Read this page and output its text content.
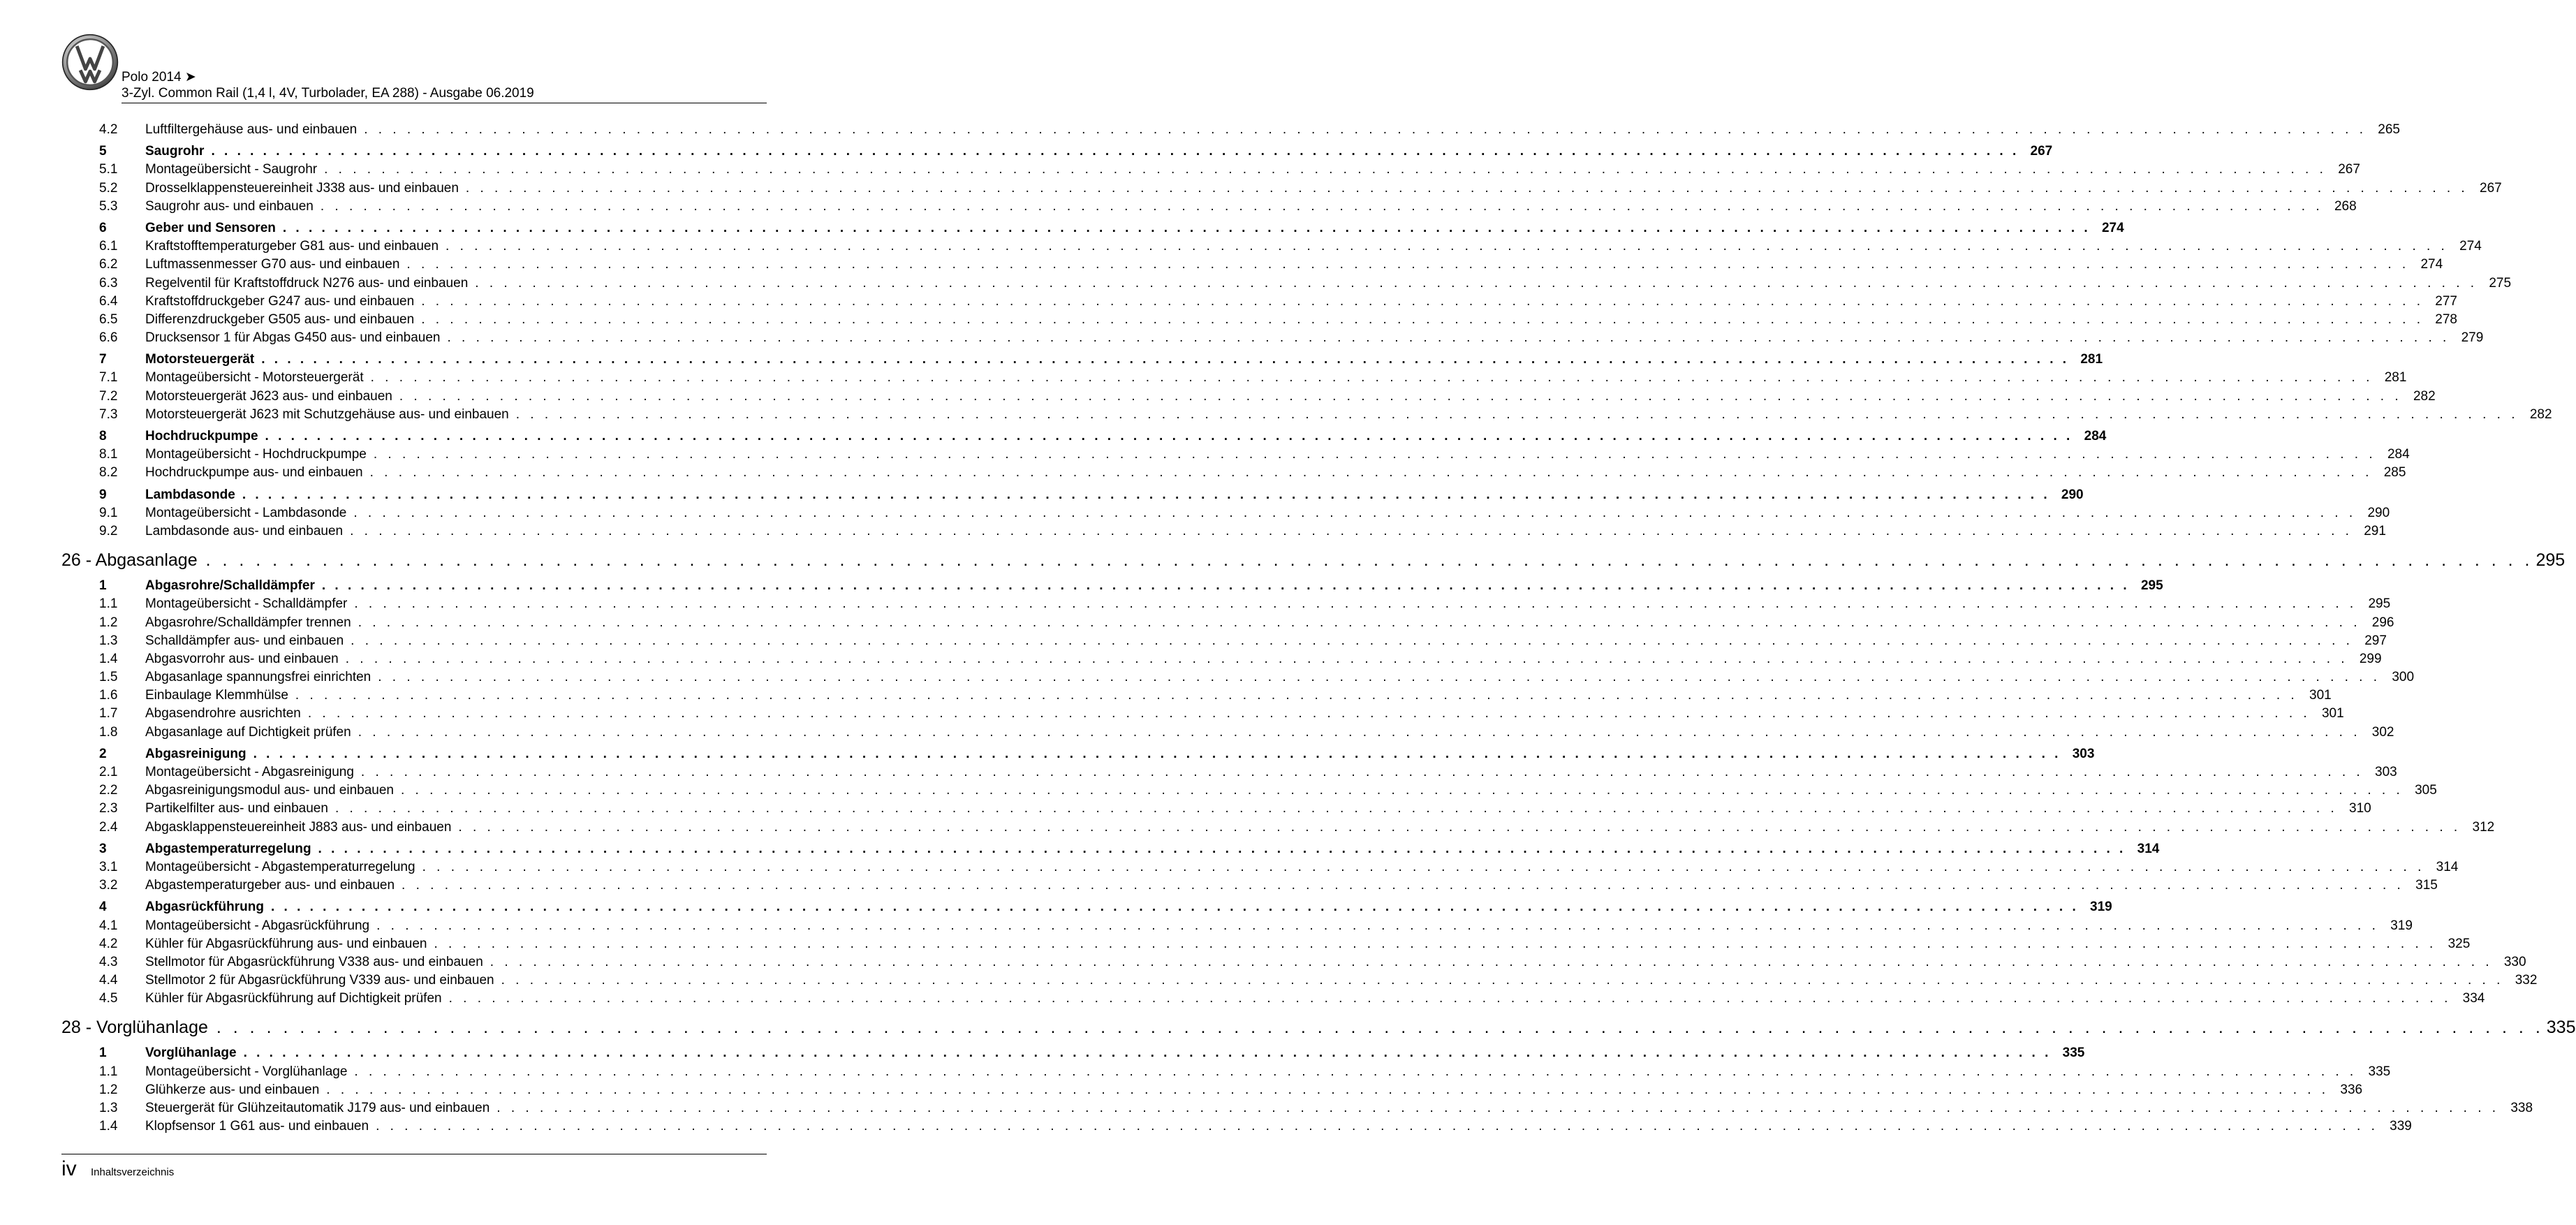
Polo 2014 ➤
3-Zyl. Common Rail (1,4 l, 4V, Turbolader, EA 288) - Ausgabe 06.2019
4.2 Luftfiltergehäuse aus- und einbauen . . . . . . . . . . . . . . . . . . . . . . . . . . . . . . . . . . . . . . . . . . . . . . . . . . . . . . . . . . . . . . . . . . . . . . . . . . . . . . . . . . . . . . . . . . . . . . . . . . . . . . . . . . . . . . . . . . . . . . . . . . . . . . . . . . . . . . . . . . . . 265
5	Saugrohr . . . . . . . . . . . . . . . . . . . . . . . . . . . . . . . . . . . . . . . . . . . . . . . . . . . . . . . . . . . . . . . . . . . . . . . . . . . . . . . . . . . . . . . . . . . . . . . . . . . . . . . . . . . . . . . . . . . . . . . . . . . . . . . . . . . . . . . . . . . . 267
5.1 Montageübersicht - Saugrohr . . . . . . . . . . . . . . . . . . . . . . . . . . . . . . . . . . . . . . . . . . . . . . . . . . . . . . . . . . . . . . . . . . . . . . . . . . . . . . . . . . . . . . . . . . . . . . . . . . . . . . . . . . . . . . . . . . . . . . . . . . . . . . . . . . . . . . . . . . . . 267
5.2 Drosselklappensteuereinheit J338 aus- und einbauen . . . . . . . . . . . . . . . . . . . . . . . . . . . . . . . . . . . . . . . . . . . . . . . . . . . . . . . . . . . . . . . . . . . . . . . . . . . . . . . . . . . . . . . . . . . . . . . . . . . . . . . . . . . . . . . . . . . . . . . . . . . . . . . . . . . . . . . . . . . . 267
5.3 Saugrohr aus- und einbauen . . . . . . . . . . . . . . . . . . . . . . . . . . . . . . . . . . . . . . . . . . . . . . . . . . . . . . . . . . . . . . . . . . . . . . . . . . . . . . . . . . . . . . . . . . . . . . . . . . . . . . . . . . . . . . . . . . . . . . . . . . . . . . . . . . . . . . . . . . . . 268
6	Geber und Sensoren . . . . . . . . . . . . . . . . . . . . . . . . . . . . . . . . . . . . . . . . . . . . . . . . . . . . . . . . . . . . . . . . . . . . . . . . . . . . . . . . . . . . . . . . . . . . . . . . . . . . . . . . . . . . . . . . . . . . . . . . . . . . . . . . . . . . . . . . . . . . 274
6.1 Kraftstofftemperaturgeber G81 aus- und einbauen . . . . . . . . . . . . . . . . . . . . . . . . . . . . . . . . . . . . . . . . . . . . . . . . . . . . . . . . . . . . . . . . . . . . . . . . . . . . . . . . . . . . . . . . . . . . . . . . . . . . . . . . . . . . . . . . . . . . . . . . . . . . . . . . . . . . . . . . . . . . 274
6.2 Luftmassenmesser G70 aus- und einbauen . . . . . . . . . . . . . . . . . . . . . . . . . . . . . . . . . . . . . . . . . . . . . . . . . . . . . . . . . . . . . . . . . . . . . . . . . . . . . . . . . . . . . . . . . . . . . . . . . . . . . . . . . . . . . . . . . . . . . . . . . . . . . . . . . . . . . . . . . . . . 274
6.3 Regelventil für Kraftstoffdruck N276 aus- und einbauen . . . . . . . . . . . . . . . . . . . . . . . . . . . . . . . . . . . . . . . . . . . . . . . . . . . . . . . . . . . . . . . . . . . . . . . . . . . . . . . . . . . . . . . . . . . . . . . . . . . . . . . . . . . . . . . . . . . . . . . . . . . . . . . . . . . . . . . . . . . . 275
6.4 Kraftstoffdruckgeber G247 aus- und einbauen . . . . . . . . . . . . . . . . . . . . . . . . . . . . . . . . . . . . . . . . . . . . . . . . . . . . . . . . . . . . . . . . . . . . . . . . . . . . . . . . . . . . . . . . . . . . . . . . . . . . . . . . . . . . . . . . . . . . . . . . . . . . . . . . . . . . . . . . . . . . 277
6.5 Differenzdruckgeber G505 aus- und einbauen . . . . . . . . . . . . . . . . . . . . . . . . . . . . . . . . . . . . . . . . . . . . . . . . . . . . . . . . . . . . . . . . . . . . . . . . . . . . . . . . . . . . . . . . . . . . . . . . . . . . . . . . . . . . . . . . . . . . . . . . . . . . . . . . . . . . . . . . . . . . 278
6.6 Drucksensor 1 für Abgas G450 aus- und einbauen . . . . . . . . . . . . . . . . . . . . . . . . . . . . . . . . . . . . . . . . . . . . . . . . . . . . . . . . . . . . . . . . . . . . . . . . . . . . . . . . . . . . . . . . . . . . . . . . . . . . . . . . . . . . . . . . . . . . . . . . . . . . . . . . . . . . . . . . . . . . 279
7	Motorsteuergerät . . . . . . . . . . . . . . . . . . . . . . . . . . . . . . . . . . . . . . . . . . . . . . . . . . . . . . . . . . . . . . . . . . . . . . . . . . . . . . . . . . . . . . . . . . . . . . . . . . . . . . . . . . . . . . . . . . . . . . . . . . . . . . . . . . . . . . . . . . . . 281
7.1 Montageübersicht - Motorsteuergerät . . . . . . . . . . . . . . . . . . . . . . . . . . . . . . . . . . . . . . . . . . . . . . . . . . . . . . . . . . . . . . . . . . . . . . . . . . . . . . . . . . . . . . . . . . . . . . . . . . . . . . . . . . . . . . . . . . . . . . . . . . . . . . . . . . . . . . . . . . . . 281
7.2 Motorsteuergerät J623 aus- und einbauen . . . . . . . . . . . . . . . . . . . . . . . . . . . . . . . . . . . . . . . . . . . . . . . . . . . . . . . . . . . . . . . . . . . . . . . . . . . . . . . . . . . . . . . . . . . . . . . . . . . . . . . . . . . . . . . . . . . . . . . . . . . . . . . . . . . . . . . . . . . . 282
7.3 Motorsteuergerät J623 mit Schutzgehäuse aus- und einbauen . . . . . . . . . . . . . . . . . . . . . . . . . . . . . . . . . . . . . . . . . . . . . . . . . . . . . . . . . . . . . . . . . . . . . . . . . . . . . . . . . . . . . . . . . . . . . . . . . . . . . . . . . . . . . . . . . . . . . . . . . . . . . . . . . . . . . . . . . . . . 282
8	Hochdruckpumpe . . . . . . . . . . . . . . . . . . . . . . . . . . . . . . . . . . . . . . . . . . . . . . . . . . . . . . . . . . . . . . . . . . . . . . . . . . . . . . . . . . . . . . . . . . . . . . . . . . . . . . . . . . . . . . . . . . . . . . . . . . . . . . . . . . . . . . . . . . . . 284
8.1 Montageübersicht - Hochdruckpumpe . . . . . . . . . . . . . . . . . . . . . . . . . . . . . . . . . . . . . . . . . . . . . . . . . . . . . . . . . . . . . . . . . . . . . . . . . . . . . . . . . . . . . . . . . . . . . . . . . . . . . . . . . . . . . . . . . . . . . . . . . . . . . . . . . . . . . . . . . . . . 284
8.2 Hochdruckpumpe aus- und einbauen . . . . . . . . . . . . . . . . . . . . . . . . . . . . . . . . . . . . . . . . . . . . . . . . . . . . . . . . . . . . . . . . . . . . . . . . . . . . . . . . . . . . . . . . . . . . . . . . . . . . . . . . . . . . . . . . . . . . . . . . . . . . . . . . . . . . . . . . . . . . 285
9	Lambdasonde . . . . . . . . . . . . . . . . . . . . . . . . . . . . . . . . . . . . . . . . . . . . . . . . . . . . . . . . . . . . . . . . . . . . . . . . . . . . . . . . . . . . . . . . . . . . . . . . . . . . . . . . . . . . . . . . . . . . . . . . . . . . . . . . . . . . . . . . . . . . 290
9.1 Montageübersicht - Lambdasonde . . . . . . . . . . . . . . . . . . . . . . . . . . . . . . . . . . . . . . . . . . . . . . . . . . . . . . . . . . . . . . . . . . . . . . . . . . . . . . . . . . . . . . . . . . . . . . . . . . . . . . . . . . . . . . . . . . . . . . . . . . . . . . . . . . . . . . . . . . . . 290
9.2 Lambdasonde aus- und einbauen . . . . . . . . . . . . . . . . . . . . . . . . . . . . . . . . . . . . . . . . . . . . . . . . . . . . . . . . . . . . . . . . . . . . . . . . . . . . . . . . . . . . . . . . . . . . . . . . . . . . . . . . . . . . . . . . . . . . . . . . . . . . . . . . . . . . . . . . . . . . 291
26 - Abgasanlage . . . . . . . . . . . . . . . . . . . . . . . . . . . . . . . . . . . . . . . . . . . . . . . . . . . . . . . . . . . . . . . . . . . . . . . . . . . . . . . . . . . . . . . . . . . . . . . . . . . . . . . . . . . . . . . . . . . . . . . . . . . . . . . . . . . . . . . . . . . . 295
1	Abgasrohre/Schalldämpfer . . . . . . . . . . . . . . . . . . . . . . . . . . . . . . . . . . . . . . . . . . . . . . . . . . . . . . . . . . . . . . . . . . . . . . . . . . . . . . . . . . . . . . . . . . . . . . . . . . . . . . . . . . . . . . . . . . . . . . . . . . . . . . . . . . . . . . . . . . . . 295
1.1 Montageübersicht - Schalldämpfer . . . . . . . . . . . . . . . . . . . . . . . . . . . . . . . . . . . . . . . . . . . . . . . . . . . . . . . . . . . . . . . . . . . . . . . . . . . . . . . . . . . . . . . . . . . . . . . . . . . . . . . . . . . . . . . . . . . . . . . . . . . . . . . . . . . . . . . . . . . . 295
1.2 Abgasrohre/Schalldämpfer trennen . . . . . . . . . . . . . . . . . . . . . . . . . . . . . . . . . . . . . . . . . . . . . . . . . . . . . . . . . . . . . . . . . . . . . . . . . . . . . . . . . . . . . . . . . . . . . . . . . . . . . . . . . . . . . . . . . . . . . . . . . . . . . . . . . . . . . . . . . . . . 296
1.3 Schalldämpfer aus- und einbauen . . . . . . . . . . . . . . . . . . . . . . . . . . . . . . . . . . . . . . . . . . . . . . . . . . . . . . . . . . . . . . . . . . . . . . . . . . . . . . . . . . . . . . . . . . . . . . . . . . . . . . . . . . . . . . . . . . . . . . . . . . . . . . . . . . . . . . . . . . . . 297
1.4 Abgasvorrohr aus- und einbauen . . . . . . . . . . . . . . . . . . . . . . . . . . . . . . . . . . . . . . . . . . . . . . . . . . . . . . . . . . . . . . . . . . . . . . . . . . . . . . . . . . . . . . . . . . . . . . . . . . . . . . . . . . . . . . . . . . . . . . . . . . . . . . . . . . . . . . . . . . . . 299
1.5 Abgasanlage spannungsfrei einrichten . . . . . . . . . . . . . . . . . . . . . . . . . . . . . . . . . . . . . . . . . . . . . . . . . . . . . . . . . . . . . . . . . . . . . . . . . . . . . . . . . . . . . . . . . . . . . . . . . . . . . . . . . . . . . . . . . . . . . . . . . . . . . . . . . . . . . . . . . . . . 300
1.6 Einbaulage Klemmhülse . . . . . . . . . . . . . . . . . . . . . . . . . . . . . . . . . . . . . . . . . . . . . . . . . . . . . . . . . . . . . . . . . . . . . . . . . . . . . . . . . . . . . . . . . . . . . . . . . . . . . . . . . . . . . . . . . . . . . . . . . . . . . . . . . . . . . . . . . . . . 301
1.7 Abgasendrohre ausrichten . . . . . . . . . . . . . . . . . . . . . . . . . . . . . . . . . . . . . . . . . . . . . . . . . . . . . . . . . . . . . . . . . . . . . . . . . . . . . . . . . . . . . . . . . . . . . . . . . . . . . . . . . . . . . . . . . . . . . . . . . . . . . . . . . . . . . . . . . . . . 301
1.8 Abgasanlage auf Dichtigkeit prüfen . . . . . . . . . . . . . . . . . . . . . . . . . . . . . . . . . . . . . . . . . . . . . . . . . . . . . . . . . . . . . . . . . . . . . . . . . . . . . . . . . . . . . . . . . . . . . . . . . . . . . . . . . . . . . . . . . . . . . . . . . . . . . . . . . . . . . . . . . . . . 302
2	Abgasreinigung . . . . . . . . . . . . . . . . . . . . . . . . . . . . . . . . . . . . . . . . . . . . . . . . . . . . . . . . . . . . . . . . . . . . . . . . . . . . . . . . . . . . . . . . . . . . . . . . . . . . . . . . . . . . . . . . . . . . . . . . . . . . . . . . . . . . . . . . . . . . 303
2.1 Montageübersicht - Abgasreinigung . . . . . . . . . . . . . . . . . . . . . . . . . . . . . . . . . . . . . . . . . . . . . . . . . . . . . . . . . . . . . . . . . . . . . . . . . . . . . . . . . . . . . . . . . . . . . . . . . . . . . . . . . . . . . . . . . . . . . . . . . . . . . . . . . . . . . . . . . . . . 303
2.2 Abgasreinigungsmodul aus- und einbauen . . . . . . . . . . . . . . . . . . . . . . . . . . . . . . . . . . . . . . . . . . . . . . . . . . . . . . . . . . . . . . . . . . . . . . . . . . . . . . . . . . . . . . . . . . . . . . . . . . . . . . . . . . . . . . . . . . . . . . . . . . . . . . . . . . . . . . . . . . . . 305
2.3 Partikelfilter aus- und einbauen . . . . . . . . . . . . . . . . . . . . . . . . . . . . . . . . . . . . . . . . . . . . . . . . . . . . . . . . . . . . . . . . . . . . . . . . . . . . . . . . . . . . . . . . . . . . . . . . . . . . . . . . . . . . . . . . . . . . . . . . . . . . . . . . . . . . . . . . . . . . 310
2.4 Abgasklappensteuereinheit J883 aus- und einbauen . . . . . . . . . . . . . . . . . . . . . . . . . . . . . . . . . . . . . . . . . . . . . . . . . . . . . . . . . . . . . . . . . . . . . . . . . . . . . . . . . . . . . . . . . . . . . . . . . . . . . . . . . . . . . . . . . . . . . . . . . . . . . . . . . . . . . . . . . . . . 312
3	Abgastemperaturregelung . . . . . . . . . . . . . . . . . . . . . . . . . . . . . . . . . . . . . . . . . . . . . . . . . . . . . . . . . . . . . . . . . . . . . . . . . . . . . . . . . . . . . . . . . . . . . . . . . . . . . . . . . . . . . . . . . . . . . . . . . . . . . . . . . . . . . . . . . . . . 314
3.1 Montageübersicht - Abgastemperaturregelung . . . . . . . . . . . . . . . . . . . . . . . . . . . . . . . . . . . . . . . . . . . . . . . . . . . . . . . . . . . . . . . . . . . . . . . . . . . . . . . . . . . . . . . . . . . . . . . . . . . . . . . . . . . . . . . . . . . . . . . . . . . . . . . . . . . . . . . . . . . . 314
3.2 Abgastemperaturgeber aus- und einbauen . . . . . . . . . . . . . . . . . . . . . . . . . . . . . . . . . . . . . . . . . . . . . . . . . . . . . . . . . . . . . . . . . . . . . . . . . . . . . . . . . . . . . . . . . . . . . . . . . . . . . . . . . . . . . . . . . . . . . . . . . . . . . . . . . . . . . . . . . . . . 315
4	Abgasrückführung . . . . . . . . . . . . . . . . . . . . . . . . . . . . . . . . . . . . . . . . . . . . . . . . . . . . . . . . . . . . . . . . . . . . . . . . . . . . . . . . . . . . . . . . . . . . . . . . . . . . . . . . . . . . . . . . . . . . . . . . . . . . . . . . . . . . . . . . . . . . 319
4.1 Montageübersicht - Abgasrückführung . . . . . . . . . . . . . . . . . . . . . . . . . . . . . . . . . . . . . . . . . . . . . . . . . . . . . . . . . . . . . . . . . . . . . . . . . . . . . . . . . . . . . . . . . . . . . . . . . . . . . . . . . . . . . . . . . . . . . . . . . . . . . . . . . . . . . . . . . . . . 319
4.2 Kühler für Abgasrückführung aus- und einbauen . . . . . . . . . . . . . . . . . . . . . . . . . . . . . . . . . . . . . . . . . . . . . . . . . . . . . . . . . . . . . . . . . . . . . . . . . . . . . . . . . . . . . . . . . . . . . . . . . . . . . . . . . . . . . . . . . . . . . . . . . . . . . . . . . . . . . . . . . . . . 325
4.3 Stellmotor für Abgasrückführung V338 aus- und einbauen . . . . . . . . . . . . . . . . . . . . . . . . . . . . . . . . . . . . . . . . . . . . . . . . . . . . . . . . . . . . . . . . . . . . . . . . . . . . . . . . . . . . . . . . . . . . . . . . . . . . . . . . . . . . . . . . . . . . . . . . . . . . . . . . . . . . . . . . . . . . 330
4.4 Stellmotor 2 für Abgasrückführung V339 aus- und einbauen . . . . . . . . . . . . . . . . . . . . . . . . . . . . . . . . . . . . . . . . . . . . . . . . . . . . . . . . . . . . . . . . . . . . . . . . . . . . . . . . . . . . . . . . . . . . . . . . . . . . . . . . . . . . . . . . . . . . . . . . . . . . . . . . . . . . . . . . . . . . 332
4.5 Kühler für Abgasrückführung auf Dichtigkeit prüfen . . . . . . . . . . . . . . . . . . . . . . . . . . . . . . . . . . . . . . . . . . . . . . . . . . . . . . . . . . . . . . . . . . . . . . . . . . . . . . . . . . . . . . . . . . . . . . . . . . . . . . . . . . . . . . . . . . . . . . . . . . . . . . . . . . . . . . . . . . . . 334
28 - Vorglühanlage . . . . . . . . . . . . . . . . . . . . . . . . . . . . . . . . . . . . . . . . . . . . . . . . . . . . . . . . . . . . . . . . . . . . . . . . . . . . . . . . . . . . . . . . . . . . . . . . . . . . . . . . . . . . . . . . . . . . . . . . . . . . . . . . . . . . . . . . . . . . 335
1	Vorglühanlage . . . . . . . . . . . . . . . . . . . . . . . . . . . . . . . . . . . . . . . . . . . . . . . . . . . . . . . . . . . . . . . . . . . . . . . . . . . . . . . . . . . . . . . . . . . . . . . . . . . . . . . . . . . . . . . . . . . . . . . . . . . . . . . . . . . . . . . . . . . . 335
1.1 Montageübersicht - Vorglühanlage . . . . . . . . . . . . . . . . . . . . . . . . . . . . . . . . . . . . . . . . . . . . . . . . . . . . . . . . . . . . . . . . . . . . . . . . . . . . . . . . . . . . . . . . . . . . . . . . . . . . . . . . . . . . . . . . . . . . . . . . . . . . . . . . . . . . . . . . . . . . 335
1.2 Glühkerze aus- und einbauen . . . . . . . . . . . . . . . . . . . . . . . . . . . . . . . . . . . . . . . . . . . . . . . . . . . . . . . . . . . . . . . . . . . . . . . . . . . . . . . . . . . . . . . . . . . . . . . . . . . . . . . . . . . . . . . . . . . . . . . . . . . . . . . . . . . . . . . . . . . . 336
1.3 Steuergerät für Glühzeitautomatik J179 aus- und einbauen . . . . . . . . . . . . . . . . . . . . . . . . . . . . . . . . . . . . . . . . . . . . . . . . . . . . . . . . . . . . . . . . . . . . . . . . . . . . . . . . . . . . . . . . . . . . . . . . . . . . . . . . . . . . . . . . . . . . . . . . . . . . . . . . . . . . . . . . . . . . 338
1.4 Klopfsensor 1 G61 aus- und einbauen . . . . . . . . . . . . . . . . . . . . . . . . . . . . . . . . . . . . . . . . . . . . . . . . . . . . . . . . . . . . . . . . . . . . . . . . . . . . . . . . . . . . . . . . . . . . . . . . . . . . . . . . . . . . . . . . . . . . . . . . . . . . . . . . . . . . . . . . . . . . 339
iv Inhaltsverzeichnis
